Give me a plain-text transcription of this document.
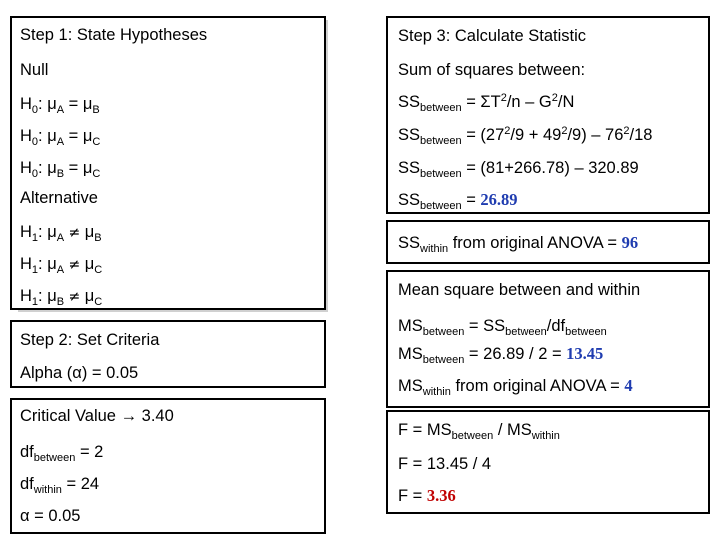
Step 1: State Hypotheses
Null
$H_0$: $\mu_A = \mu_B$
$H_0$: $\mu_A = \mu_C$
$H_0$: $\mu_B = \mu_C$
Alternative
$H_1$: $\mu_A \ne \mu_B$
$H_1$: $\mu_A \ne \mu_C$
$H_1$: $\mu_B \ne \mu_C$
Step 2: Set Criteria
Alpha (α) = 0.05
Critical Value → 3.40
$df_{between} = 2$
$df_{within} = 24$
α = 0.05
Step 3: Calculate Statistic
Sum of squares between:
$SS_{between} = \Sigma T^2/n - G^2/N$
$SS_{between} = (27^2/9 + 49^2/9) - 76^2/18$
$SS_{between} = (81+266.78) - 320.89$
$SS_{between} = 26.89$
$SS_{within}$ from original ANOVA = 96
Mean square between and within
$MS_{between} = SS_{between}/df_{between}$
$MS_{between} = 26.89 / 2 = 13.45$
$MS_{within}$ from original ANOVA = 4
$F = MS_{between} / MS_{within}$
F = 13.45 / 4
F = 3.36
